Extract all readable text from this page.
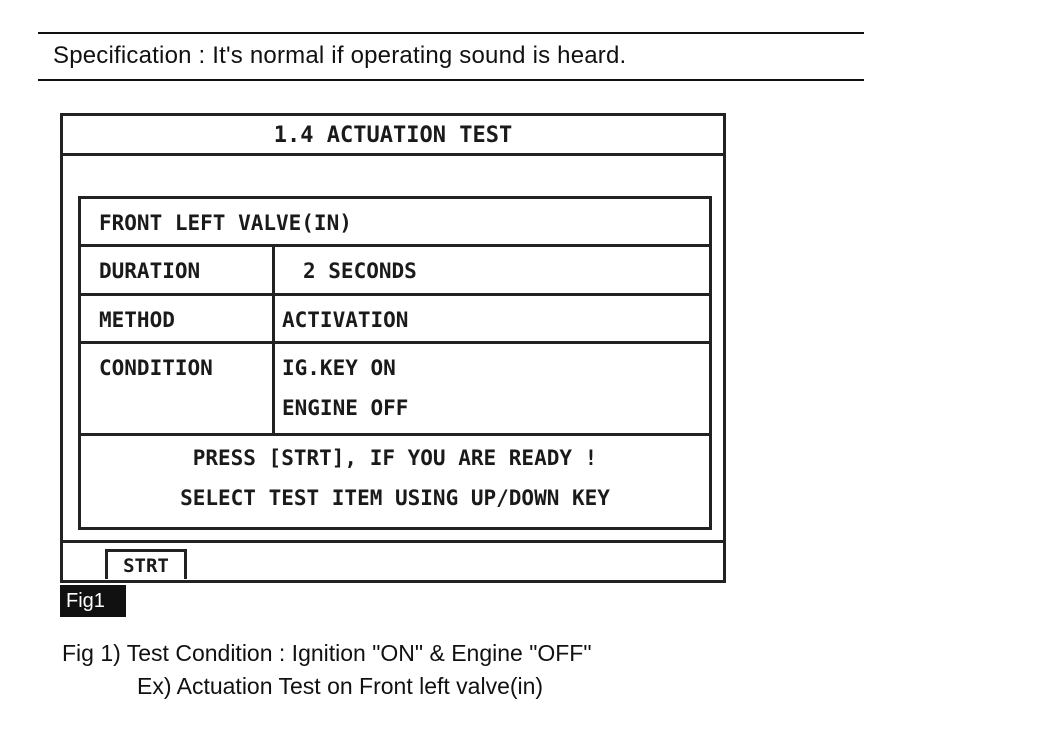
Specification : It's normal if operating sound is heard.
1.4 ACTUATION TEST
FRONT LEFT VALVE(IN)
DURATION	2 SECONDS
METHOD	ACTIVATION
CONDITION	IG.KEY ON
ENGINE OFF
PRESS [STRT], IF YOU ARE READY !
SELECT TEST ITEM USING UP/DOWN KEY
STRT
Fig1
Fig 1) Test Condition : Ignition "ON" & Engine "OFF"
Ex) Actuation Test on Front left valve(in)
